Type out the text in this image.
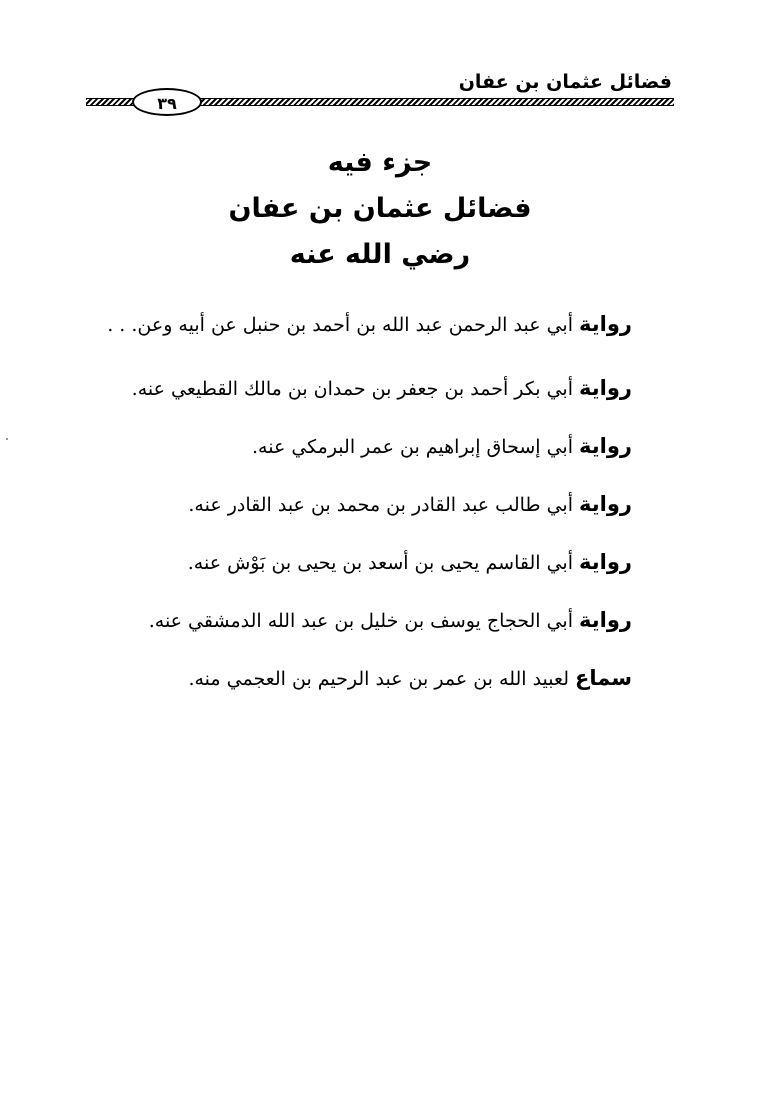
فضائل عثمان بن عفان
٣٩
جزء فيه
فضائل عثمان بن عفان
رضي الله عنه

رواية أبي عبد الرحمن عبد الله بن أحمد بن حنبل عن أبيه وعن. . .

رواية أبي بكر أحمد بن جعفر بن حمدان بن مالك القطيعي عنه.
رواية أبي إسحاق إبراهيم بن عمر البرمكي عنه.
رواية أبي طالب عبد القادر بن محمد بن عبد القادر عنه.
رواية أبي القاسم يحيى بن أسعد بن يحيى بن بَوْش عنه.
رواية أبي الحجاج يوسف بن خليل بن عبد الله الدمشقي عنه.
سماع لعبيد الله بن عمر بن عبد الرحيم بن العجمي منه.
